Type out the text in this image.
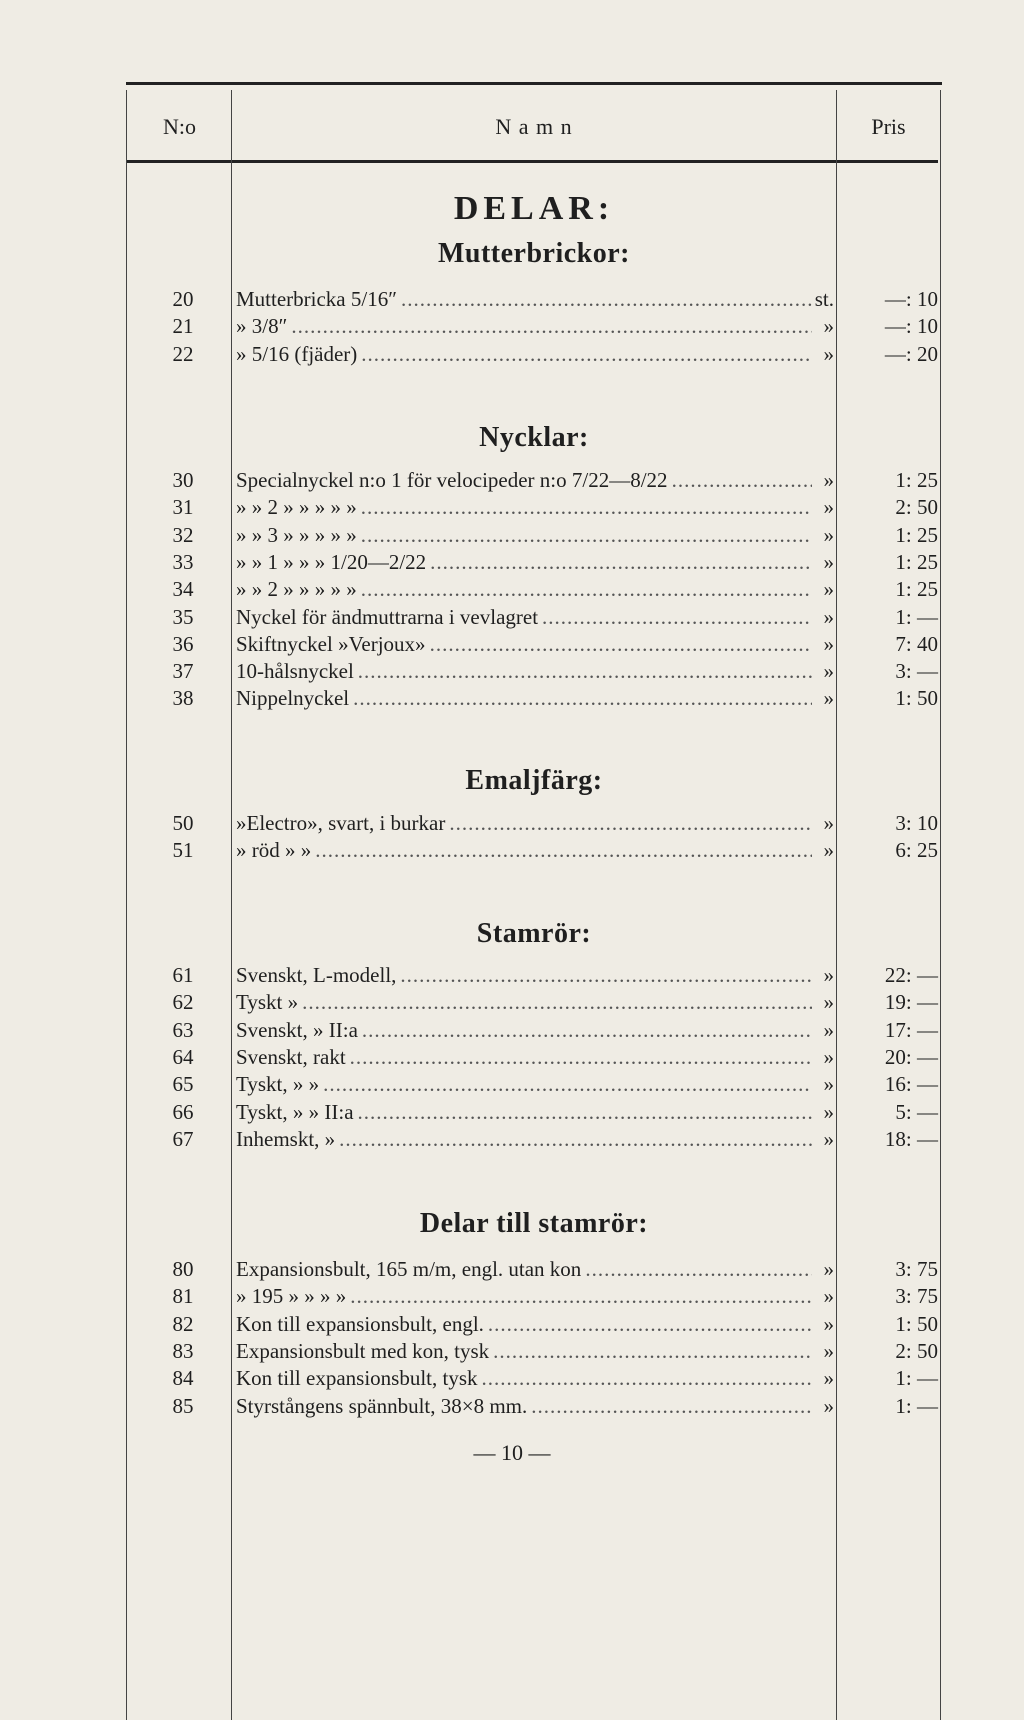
N:o	N a m n	Pris
DELAR:
Mutterbrickor:
20	Mutterbricka 5/16″ .....	st.	—: 10
21	» 3/8″ .....	»	—: 10
22	» 5/16 (fjäder) .....	»	—: 20
Nycklar:
30	Specialnyckel n:o 1 för velocipeder n:o 7/22—8/22 .....	»	1: 25
31	» » 2 » » » » » .....	»	2: 50
32	» » 3 » » » » » .....	»	1: 25
33	» » 1 » » » 1/20—2/22 .....	»	1: 25
34	» » 2 » » » » » .....	»	1: 25
35	Nyckel för ändmuttrarna i vevlagret .....	»	1: —
36	Skiftnyckel »Verjoux» .....	»	7: 40
37	10-hålsnyckel .....	»	3: —
38	Nippelnyckel .....	»	1: 50
Emaljfärg:
50	»Electro», svart, i burkar .....	»	3: 10
51	» röd » » .....	»	6: 25
Stamrör:
61	Svenskt, L-modell, .....	»	22: —
62	Tyskt » .....	»	19: —
63	Svenskt, » II:a .....	»	17: —
64	Svenskt, rakt .....	»	20: —
65	Tyskt, » » .....	»	16: —
66	Tyskt, » » II:a .....	»	5: —
67	Inhemskt, » .....	»	18: —
Delar till stamrör:
80	Expansionsbult, 165 m/m, engl. utan kon .....	»	3: 75
81	» 195 » » » » .....	»	3: 75
82	Kon till expansionsbult, engl. .....	»	1: 50
83	Expansionsbult med kon, tysk .....	»	2: 50
84	Kon till expansionsbult, tysk .....	»	1: —
85	Styrstångens spännbult, 38×8 mm. .....	»	1: —
— 10 —
